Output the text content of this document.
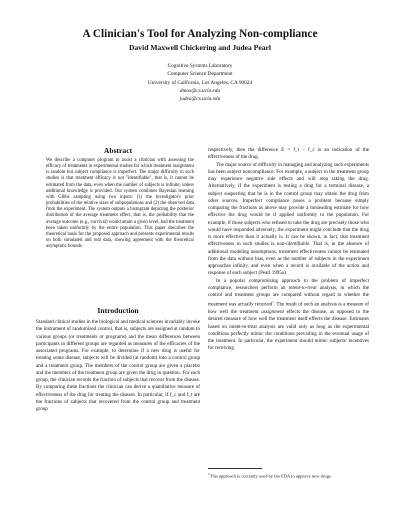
A Clinician's Tool for Analyzing Non-compliance
David Maxwell Chickering and Judea Pearl
Cognitive Systems Laboratory
Computer Science Department
University of California, Los Angeles, CA 90024
dmax@cs.ucla.edu
judea@cs.ucla.edu
Abstract

We describe a computer program to assist a clinician with assessing the efficacy of treatments in experimental studies for which treatment assignment is random but subject compliance is imperfect. The major difficulty in such studies is that treatment efficacy is not "identifiable", that is, it cannot be estimated from the data, even when the number of subjects is infinite, unless additional knowledge is provided. Our system combines Bayesian learning with Gibbs sampling using two inputs: (1) the investigator's prior probabilities of the relative sizes of subpopulations and (2) the observed data from the experiment. The system outputs a histogram depicting the posterior distribution of the average treatment effect, that is, the probability that the average outcome (e.g., survival) would attain a given level, had the treatment been taken uniformly by the entire population. This paper describes the theoretical basis for the proposed approach and presents experimental results on both simulated and real data, showing agreement with the theoretical asymptotic bounds.

Introduction

Standard clinical studies in the biological and medical sciences invariably invoke the instrument of randomized control, that is, subjects are assigned at random to various groups (or treatments or programs) and the mean differences between participants in different groups are regarded as measures of the efficacies of the associated programs. For example, to determine if a new drug is useful for treating some disease, subjects will be divided (at random) into a control group and a treatment group. The members of the control group are given a placebo and the members of the treatment group are given the drug in question. For each group, the clinician records the fraction of subjects that recover from the disease. By comparing these fractions the clinician can derive a quantitative measure of effectiveness of the drug for treating the disease. In particular, if f_c and f_t are the fractions of subjects that recovered from the control group and treatment group

respectively, then the difference E = f_t − f_c is an indication of the effectiveness of the drug.

The major source of difficulty in managing and analyzing such experiments has been subject noncompliance. For example, a subject in the treatment group may experience negative side effects and will stop taking the drug. Alternatively, if the experiment is testing a drug for a terminal disease, a subject suspecting that he is in the control group may obtain the drug from other sources. Imperfect compliance poses a problem because simply comparing the fractions as above may provide a misleading estimate for how effective the drug would be if applied uniformly to the population. For example, if those subjects who refused to take the drug are precisely those who would have responded adversely, the experiment might conclude that the drug is more effective than it actually is. It can be shown, in fact, that treatment effectiveness in such studies is non-identifiable. That is, in the absence of additional modeling assumptions, treatment effectiveness cannot be estimated from the data without bias, even as the number of subjects in the experiment approaches infinity, and even when a record is available of the action and response of each subject (Pearl 1995a).

In a popular compromising approach to the problem of imperfect compliance, researchers perform an intent-to-treat analysis, in which the control and treatment groups are compared without regard to whether the treatment was actually received$^1$. The result of such an analysis is a measure of how well the treatment assignment effects the disease, as opposed to the desired measure of how well the treatment itself effects the disease. Estimates based on intent-to-treat analysis are valid only as long as the experimental conditions perfectly mimic the conditions prevailing in the eventual usage of the treatment. In particular, the experiment should mimic subjects' incentives for receiving

$^1$This approach is currently used by the FDA to approve new drugs.
